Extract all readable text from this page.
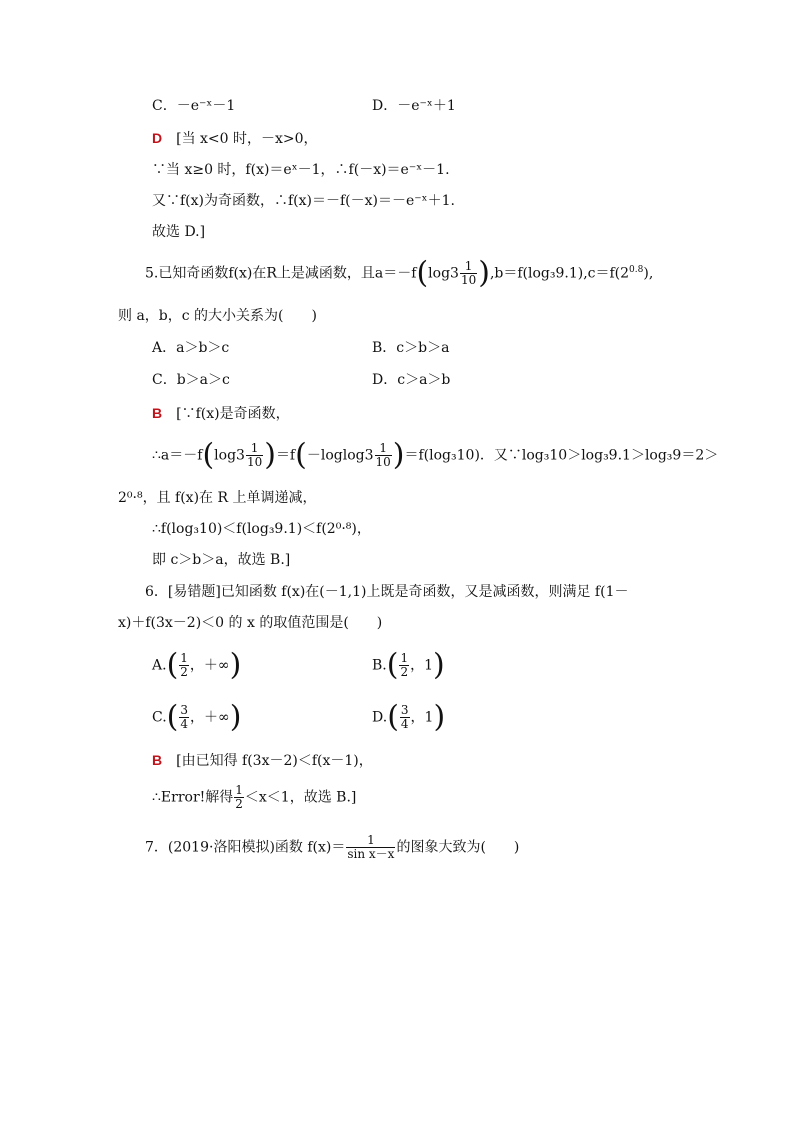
C．－e⁻ˣ－1	D．－e⁻ˣ＋1
D　 [当 x<0 时，－x>0，
∵当 x≥0 时，f(x)＝eˣ－1，∴f(－x)＝e⁻ˣ－1.
又∵f(x)为奇函数，∴f(x)＝－f(－x)＝－e⁻ˣ＋1.
故选 D.]
5.已知奇函数f(x)在R上是减函数，且$a=-f(\log 3 \frac{1}{10} ),b=f(\log_39.1),c=f(2^{0.8})$,
则 a，b，c 的大小关系为(　　)
A．a＞b＞c	B．c＞b＞a
C．b＞a＞c	D．c＞a＞b
B　 [∵f(x)是奇函数，
∴a＝－f(log3 $\frac{1}{10} )=f(-loglog3 \frac{1}{10} )=f(\log_310)$．又∵log₃10＞log₃9.1＞log₃9＝2＞
2⁰·⁸，且 f(x)在 R 上单调递减，
∴f(log₃10)＜f(log₃9.1)＜f(2⁰·⁸)，
即 c＞b＞a，故选 B.]
6．[易错题]已知函数 f(x)在(－1,1)上既是奇函数，又是减函数，则满足 f(1－
x)＋f(3x－2)＜0 的 x 的取值范围是(　　)
$A.( \frac{1}{2}$ ，＋∞)	$B.( \frac{1}{2}$ ，1)
$C.( \frac{3}{4}$ ，＋∞)	$D.( \frac{3}{4}$ ，1)
B　 [由已知得 f(3x－2)＜f(x－1)，
∴Error!解得 $\frac{1}{2} <x<1$，故选 B.]
7．(2019·洛阳模拟)函数 $f(x)= \frac{1}{\text{sin x－x}}$ 的图象大致为(　　)
